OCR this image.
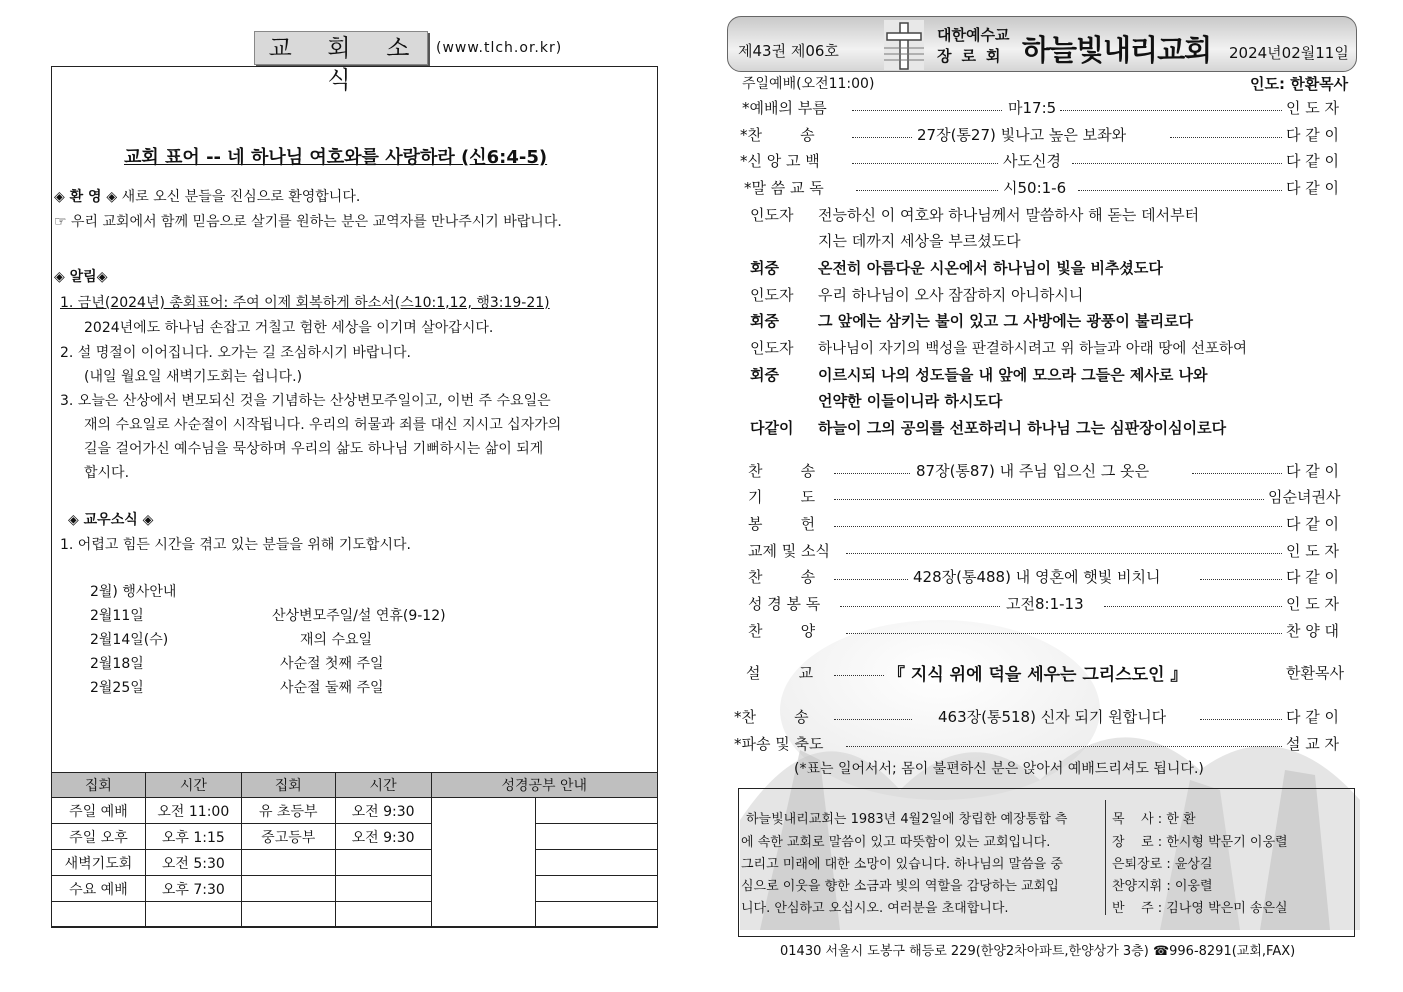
교 회 소 식
(www.tlch.or.kr)
교회 표어 -- 네 하나님 여호와를 사랑하라 (신6:4-5)
◈ 환 영 ◈ 새로 오신 분들을 진심으로 환영합니다.
☞ 우리 교회에서 함께 믿음으로 살기를 원하는 분은 교역자를 만나주시기 바랍니다.
◈ 알림◈
1. 금년(2024년) 총회표어: 주여 이제 회복하게 하소서(스10:1,12, 행3:19-21)
2024년에도 하나님 손잡고 거칠고 험한 세상을 이기며 살아갑시다.
2. 설 명절이 이어집니다. 오가는 길 조심하시기 바랍니다.
(내일 월요일 새벽기도회는 쉽니다.)
3. 오늘은 산상에서 변모되신 것을 기념하는 산상변모주일이고, 이번 주 수요일은
재의 수요일로 사순절이 시작됩니다. 우리의 허물과 죄를 대신 지시고 십자가의
길을 걸어가신 예수님을 묵상하며 우리의 삶도 하나님 기뻐하시는 삶이 되게
합시다.
◈ 교우소식 ◈
1. 어렵고 힘든 시간을 겪고 있는 분들을 위해 기도합시다.
2월) 행사안내
2월11일	산상변모주일/설 연휴(9-12)
2월14일(수)	재의 수요일
2월18일	사순절 첫째 주일
2월25일	사순절 둘째 주일
집회	시간	집회	시간	성경공부 안내	
주일 예배	오전 11:00	유 초등부	오전 9:30		
주일 오후	오후 1:15	중고등부	오전 9:30		
새벽기도회	오전 5:30				
수요 예배	오후 7:30				

제43권 제06호
대한예수교
장로회 하늘빛내리교회 2024년02월11일
주일예배(오전11:00)	인도: 한환목사
*예배의 부름	마17:5	인 도 자
*찬        송	27장(통27) 빛나고 높은 보좌와	다 같 이
*신 앙 고 백	사도신경	다 같 이
*말 씀 교 독	시50:1-6	다 같 이
인도자 전능하신 이 여호와 하나님께서 말씀하사 해 돋는 데서부터
지는 데까지 세상을 부르셨도다
회중	온전히 아름다운 시온에서 하나님이 빛을 비추셨도다
인도자 우리 하나님이 오사 잠잠하지 아니하시니
회중	그 앞에는 삼키는 불이 있고 그 사방에는 광풍이 불리로다
인도자 하나님이 자기의 백성을 판결하시려고 위 하늘과 아래 땅에 선포하여
회중	이르시되 나의 성도들을 내 앞에 모으라 그들은 제사로 나와
언약한 이들이니라 하시도다
다같이 하늘이 그의 공의를 선포하리니 하나님 그는 심판장이심이로다
찬        송	87장(통87) 내 주님 입으신 그 옷은	다 같 이
기        도	임순녀권사
봉        헌	다 같 이
교제 및 소식	인 도 자
찬        송	428장(통488) 내 영혼에 햇빛 비치니	다 같 이
성 경 봉 독	고전8:1-13	인 도 자
찬        양	찬 양 대
설        교	『 지식 위에 덕을 세우는 그리스도인 』	한환목사
*찬        송	463장(통518) 신자 되기 원합니다	다 같 이
*파송 및 축도	설 교 자
(*표는 일어서서; 몸이 불편하신 분은 앉아서 예배드리셔도 됩니다.)
하늘빛내리교회는 1983년 4월2일에 창립한 예장통합 측
에 속한 교회로 말씀이 있고 따뜻함이 있는 교회입니다.
그리고 미래에 대한 소망이 있습니다. 하나님의 말씀을 중
심으로 이웃을 향한 소금과 빛의 역할을 감당하는 교회입
니다. 안심하고 오십시오. 여러분을 초대합니다.
목    사 : 한 환
장    로 : 한시형 박문기 이웅렬
은퇴장로 : 윤상길
찬양지휘 : 이웅렬
반    주 : 김나영 박은미 송은실
01430 서울시 도봉구 해등로 229(한양2차아파트,한양상가 3층) ☎996-8291(교회,FAX)
